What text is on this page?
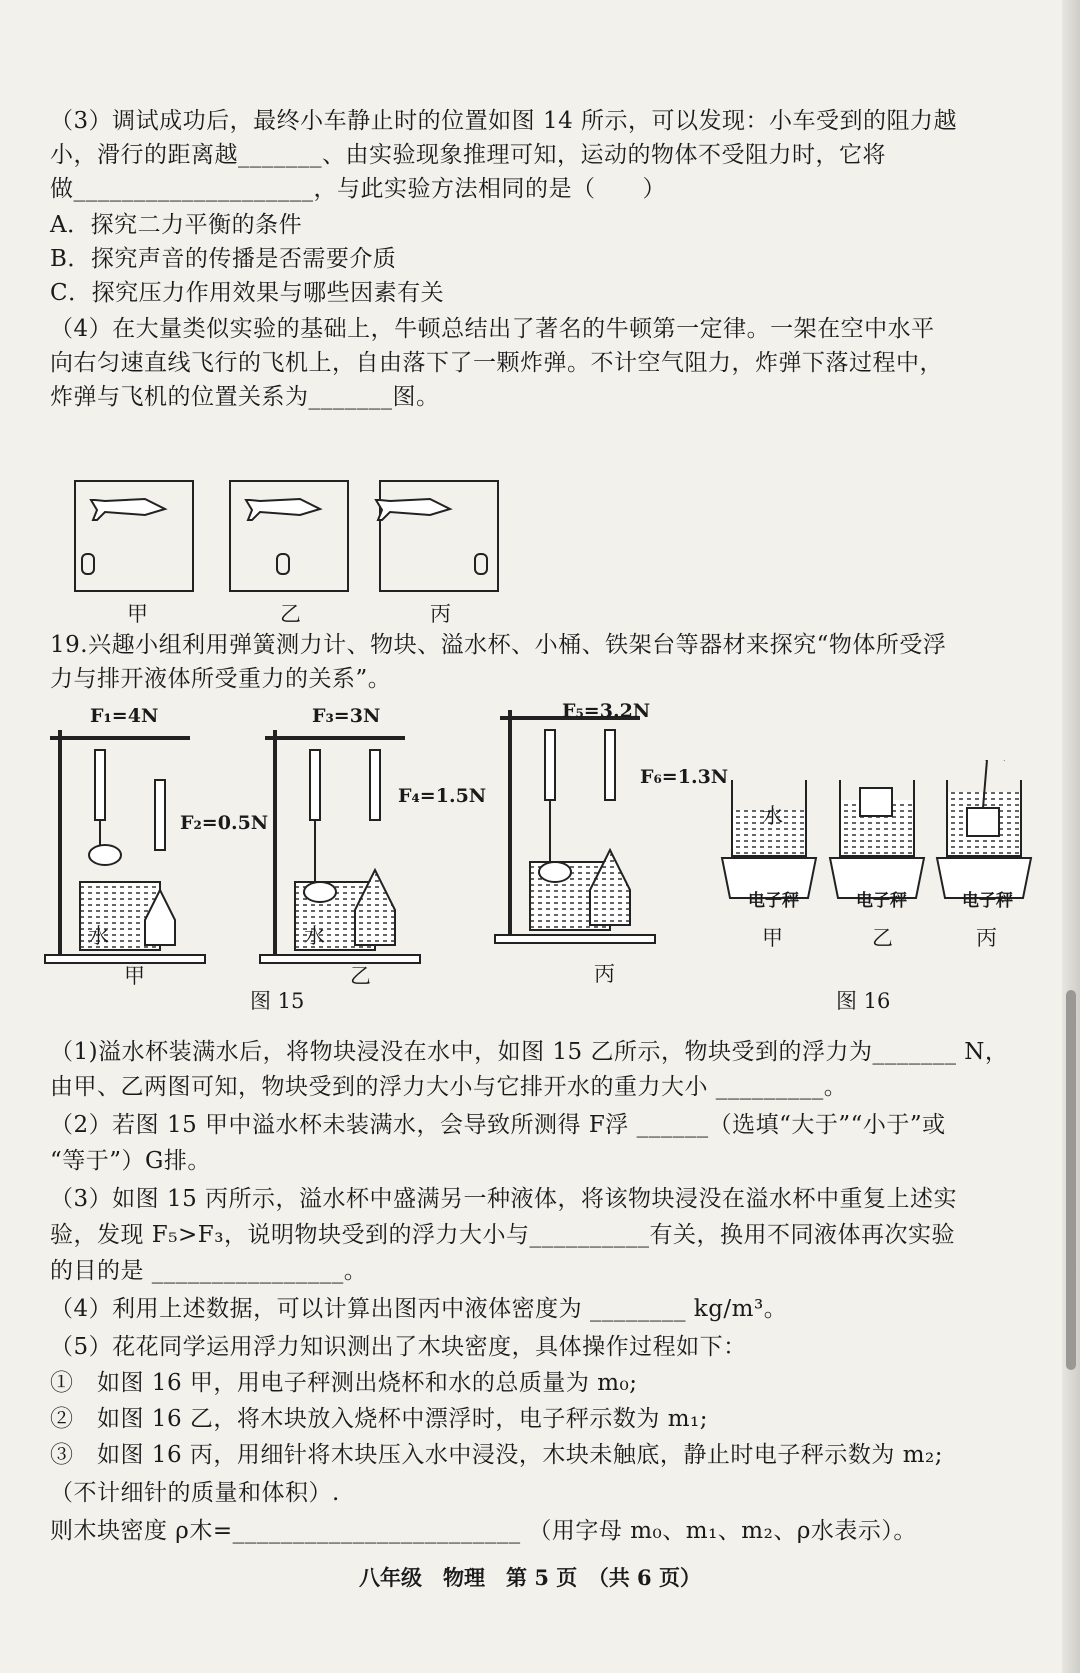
（3）调试成功后，最终小车静止时的位置如图 14 所示，可以发现：小车受到的阻力越
小，滑行的距离越_______、由实验现象推理可知，运动的物体不受阻力时，它将
做____________________，与此实验方法相同的是（　　）
A．探究二力平衡的条件
B．探究声音的传播是否需要介质
C．探究压力作用效果与哪些因素有关
（4）在大量类似实验的基础上，牛顿总结出了著名的牛顿第一定律。一架在空中水平
向右匀速直线飞行的飞机上，自由落下了一颗炸弹。不计空气阻力，炸弹下落过程中，
炸弹与飞机的位置关系为_______图。
甲	乙	丙
19.兴趣小组利用弹簧测力计、物块、溢水杯、小桶、铁架台等器材来探究“物体所受浮
力与排开液体所受重力的关系”。
F₁=4N
F₂=0.5N
水
甲
F₃=3N
F₄=1.5N
水
乙
F₅=3.2N
F₆=1.3N
丙
图 15
水
电子秤	电子秤	电子秤
甲	乙	丙
图 16
（1)溢水杯装满水后，将物块浸没在水中，如图 15 乙所示，物块受到的浮力为_______ N，
由甲、乙两图可知，物块受到的浮力大小与它排开水的重力大小 _________。
（2）若图 15 甲中溢水杯未装满水，会导致所测得 F浮 ______（选填“大于”“小于”或
“等于”）G排。
（3）如图 15 丙所示，溢水杯中盛满另一种液体，将该物块浸没在溢水杯中重复上述实
验，发现 F₅>F₃，说明物块受到的浮力大小与__________有关，换用不同液体再次实验
的目的是 ________________。
（4）利用上述数据，可以计算出图丙中液体密度为 ________ kg/m³。
（5）花花同学运用浮力知识测出了木块密度，具体操作过程如下：
①　如图 16 甲，用电子秤测出烧杯和水的总质量为 m₀;
②　如图 16 乙，将木块放入烧杯中漂浮时，电子秤示数为 m₁;
③　如图 16 丙，用细针将木块压入水中浸没，木块未触底，静止时电子秤示数为 m₂;
（不计细针的质量和体积）.
则木块密度 ρ木=________________________ （用字母 m₀、m₁、m₂、ρ水表示）。
八年级　物理　第 5 页　（共 6 页）
